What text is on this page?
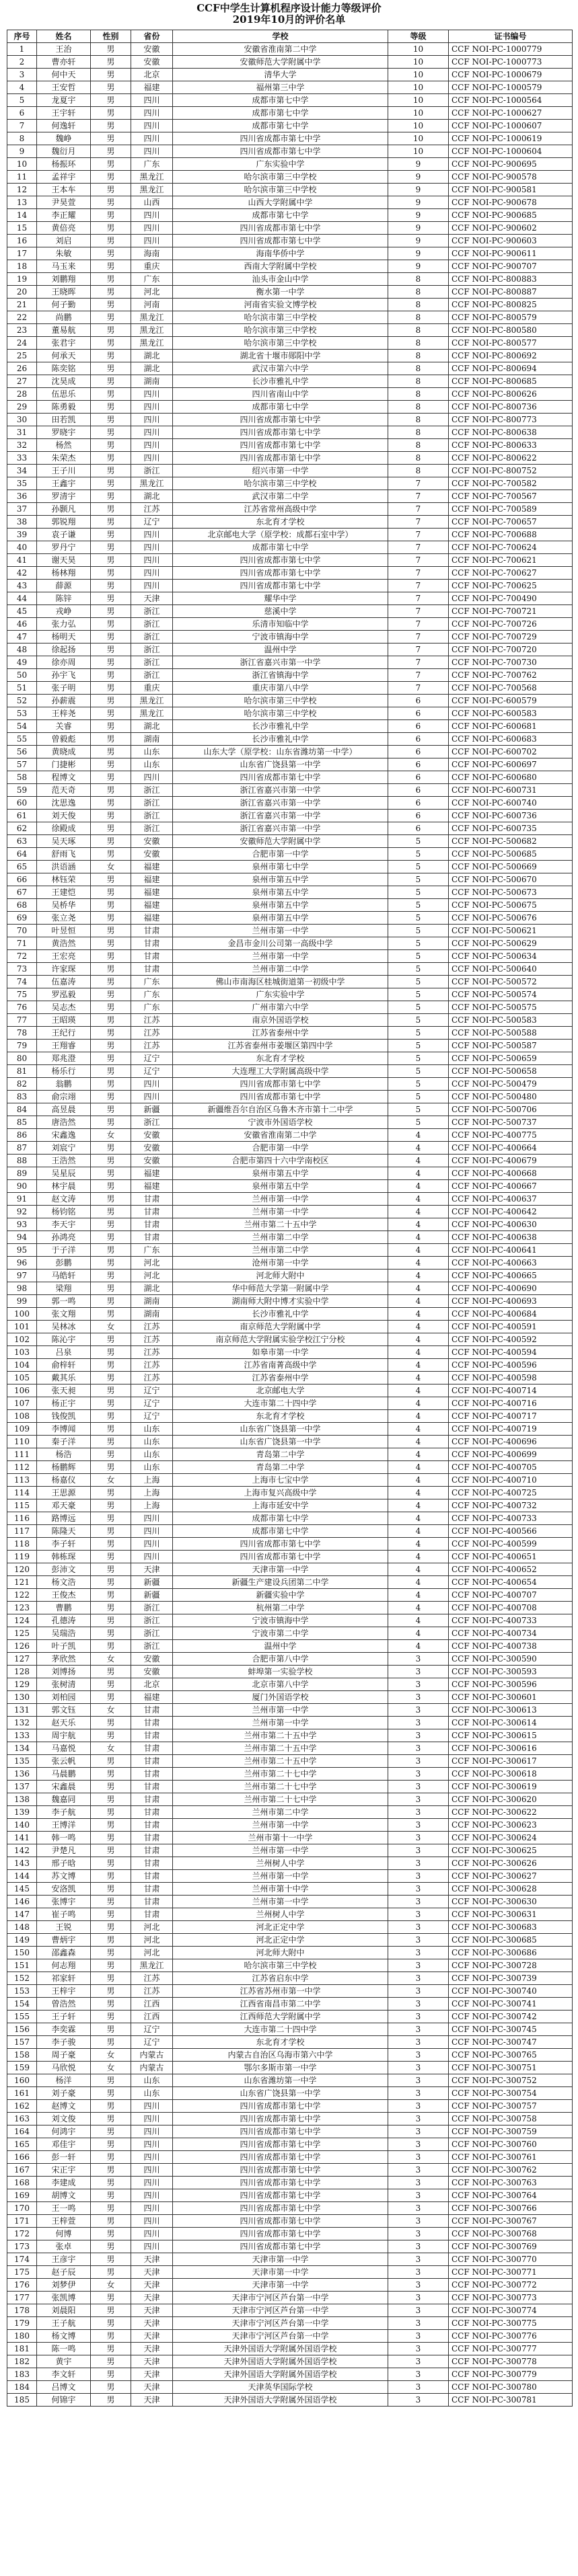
CCF中学生计算机程序设计能力等级评价
2019年10月的评价名单
序号	姓名	性别	省份	学校	等级	证书编号
1	王治	男	安徽	安徽省淮南第二中学	10	CCF NOI-PC-1000779
2	曹亦轩	男	安徽	安徽师范大学附属中学	10	CCF NOI-PC-1000773
3	何中天	男	北京	清华大学	10	CCF NOI-PC-1000679
4	王安哲	男	福建	福州第三中学	10	CCF NOI-PC-1000579
5	龙夏宇	男	四川	成都市第七中学	10	CCF NOI-PC-1000564
6	王宇轩	男	四川	成都市第七中学	10	CCF NOI-PC-1000627
7	何逸轩	男	四川	成都市第七中学	10	CCF NOI-PC-1000607
8	魏峥	男	四川	四川省成都市第七中学	10	CCF NOI-PC-1000619
9	魏衍月	男	四川	四川省成都市第七中学	10	CCF NOI-PC-1000604
10	杨振环	男	广东	广东实验中学	9	CCF NOI-PC-900695
11	孟祥宇	男	黑龙江	哈尔滨市第三中学校	9	CCF NOI-PC-900578
12	王本车	男	黑龙江	哈尔滨市第三中学校	9	CCF NOI-PC-900581
13	尹昊萱	男	山西	山西大学附属中学	9	CCF NOI-PC-900678
14	李正耀	男	四川	成都市第七中学	9	CCF NOI-PC-900685
15	黄倍亮	男	四川	四川省成都市第七中学	9	CCF NOI-PC-900602
16	刘启	男	四川	四川省成都市第七中学	9	CCF NOI-PC-900603
17	朱敏	男	海南	海南华侨中学	9	CCF NOI-PC-900611
18	马玉来	男	重庆	西南大学附属中学校	9	CCF NOI-PC-900707
19	刘鹏翔	男	广东	汕头市金山中学	8	CCF NOI-PC-800883
20	王晓晖	男	河北	衡水第一中学	8	CCF NOI-PC-800887
21	何子勤	男	河南	河南省实验文博学校	8	CCF NOI-PC-800825
22	尚鹏	男	黑龙江	哈尔滨市第三中学校	8	CCF NOI-PC-800579
23	董易航	男	黑龙江	哈尔滨市第三中学校	8	CCF NOI-PC-800580
24	张君宇	男	黑龙江	哈尔滨市第三中学校	8	CCF NOI-PC-800577
25	何承天	男	湖北	湖北省十堰市郧阳中学	8	CCF NOI-PC-800692
26	陈奕铭	男	湖北	武汉市第六中学	8	CCF NOI-PC-800694
27	沈昊成	男	湖南	长沙市雅礼中学	8	CCF NOI-PC-800685
28	伍思乐	男	四川	四川省南山中学	8	CCF NOI-PC-800626
29	陈勇毅	男	四川	成都市第七中学	8	CCF NOI-PC-800736
30	田若凯	男	四川	四川省成都市第七中学	8	CCF NOI-PC-800773
31	罗晓宇	男	四川	四川省成都市第七中学	8	CCF NOI-PC-800638
32	杨然	男	四川	四川省成都市第七中学	8	CCF NOI-PC-800633
33	朱荣杰	男	四川	四川省成都市第七中学	8	CCF NOI-PC-800622
34	王子川	男	浙江	绍兴市第一中学	8	CCF NOI-PC-800752
35	王鑫宇	男	黑龙江	哈尔滨市第三中学校	7	CCF NOI-PC-700582
36	罗清宇	男	湖北	武汉市第二中学	7	CCF NOI-PC-700567
37	孙颢凡	男	江苏	江苏省常州高级中学	7	CCF NOI-PC-700589
38	郭锐翔	男	辽宁	东北育才学校	7	CCF NOI-PC-700657
39	袁子谦	男	四川	北京邮电大学（原学校：成都石室中学）	7	CCF NOI-PC-700688
40	罗丹宁	男	四川	成都市第七中学	7	CCF NOI-PC-700624
41	谢天昊	男	四川	四川省成都市第七中学	7	CCF NOI-PC-700621
42	杨林翔	男	四川	四川省成都市第七中学	7	CCF NOI-PC-700627
43	薛源	男	四川	四川省成都市第七中学	7	CCF NOI-PC-700625
44	陈锌	男	天津	耀华中学	7	CCF NOI-PC-700490
45	戎峥	男	浙江	慈溪中学	7	CCF NOI-PC-700721
46	张力弘	男	浙江	乐清市知临中学	7	CCF NOI-PC-700726
47	杨明天	男	浙江	宁波市镇海中学	7	CCF NOI-PC-700729
48	徐起扬	男	浙江	温州中学	7	CCF NOI-PC-700720
49	徐亦周	男	浙江	浙江省嘉兴市第一中学	7	CCF NOI-PC-700730
50	孙宇飞	男	浙江	浙江省镇海中学	7	CCF NOI-PC-700762
51	张子明	男	重庆	重庆市第八中学	7	CCF NOI-PC-700568
52	孙薪震	男	黑龙江	哈尔滨市第三中学校	6	CCF NOI-PC-600579
53	王梓尧	男	黑龙江	哈尔滨市第三中学校	6	CCF NOI-PC-600583
54	关睿	男	湖北	长沙市雅礼中学	6	CCF NOI-PC-600681
55	曾毅彪	男	湖南	长沙市雅礼中学	6	CCF NOI-PC-600683
56	黄晓成	男	山东	山东大学（原学校：山东省潍坊第一中学）	6	CCF NOI-PC-600702
57	门捷彬	男	山东	山东省广饶县第一中学	6	CCF NOI-PC-600697
58	程博文	男	四川	四川省成都市第七中学	6	CCF NOI-PC-600680
59	范天奇	男	浙江	浙江省嘉兴市第一中学	6	CCF NOI-PC-600731
60	沈思逸	男	浙江	浙江省嘉兴市第一中学	6	CCF NOI-PC-600740
61	刘天俊	男	浙江	浙江省嘉兴市第一中学	6	CCF NOI-PC-600736
62	徐殿成	男	浙江	浙江省嘉兴市第一中学	6	CCF NOI-PC-600735
63	吴天琢	男	安徽	安徽师范大学附属中学	5	CCF NOI-PC-500682
64	舒雨飞	男	安徽	合肥市第一中学	5	CCF NOI-PC-500685
65	洪语涵	女	福建	泉州市第七中学	5	CCF NOI-PC-500669
66	林钰荣	男	福建	泉州市第五中学	5	CCF NOI-PC-500670
67	王建恺	男	福建	泉州市第五中学	5	CCF NOI-PC-500673
68	吴桥华	男	福建	泉州市第五中学	5	CCF NOI-PC-500675
69	张立尧	男	福建	泉州市第五中学	5	CCF NOI-PC-500676
70	叶昱恒	男	甘肃	兰州市第一中学	5	CCF NOI-PC-500621
71	黄浩然	男	甘肃	金昌市金川公司第一高级中学	5	CCF NOI-PC-500629
72	王宏亮	男	甘肃	兰州市第一中学	5	CCF NOI-PC-500634
73	许家琛	男	甘肃	兰州市第二中学	5	CCF NOI-PC-500640
74	伍嘉涛	男	广东	佛山市南海区桂城街道第一初级中学	5	CCF NOI-PC-500572
75	罗泓毅	男	广东	广东实验中学	5	CCF NOI-PC-500574
76	吴志杰	男	广东	广州市第六中学	5	CCF NOI-PC-500575
77	王昭瑛	男	江苏	南京外国语学校	5	CCF NOI-PC-500583
78	王纪行	男	江苏	江苏省泰州中学	5	CCF NOI-PC-500588
79	王翔睿	男	江苏	江苏省泰州市姜堰区第四中学	5	CCF NOI-PC-500587
80	郑兆澄	男	辽宁	东北育才学校	5	CCF NOI-PC-500659
81	杨乐行	男	辽宁	大连理工大学附属高级中学	5	CCF NOI-PC-500658
82	翁鹏	男	四川	四川省成都市第七中学	5	CCF NOI-PC-500479
83	俞宗翊	男	四川	四川省成都市第七中学	5	CCF NOI-PC-500480
84	高昱晨	男	新疆	新疆维吾尔自治区乌鲁木齐市第十二中学	5	CCF NOI-PC-500706
85	唐浩然	男	浙江	宁波市外国语学校	5	CCF NOI-PC-500737
86	宋鑫逸	女	安徽	安徽省淮南第二中学	4	CCF NOI-PC-400775
87	刘宸宁	男	安徽	合肥市第一中学	4	CCF NOI-PC-400664
88	王浩然	男	安徽	合肥市第四十六中学南校区	4	CCF NOI-PC-400679
89	吴星辰	男	福建	泉州市第五中学	4	CCF NOI-PC-400668
90	林宇晨	男	福建	泉州市第五中学	4	CCF NOI-PC-400667
91	赵文涛	男	甘肃	兰州市第一中学	4	CCF NOI-PC-400637
92	杨钧铭	男	甘肃	兰州市第一中学	4	CCF NOI-PC-400642
93	李天宇	男	甘肃	兰州市第二十五中学	4	CCF NOI-PC-400630
94	孙鸿亮	男	甘肃	兰州市第二中学	4	CCF NOI-PC-400638
95	于子洋	男	广东	兰州市第二中学	4	CCF NOI-PC-400641
96	彭鹏	男	河北	沧州市第一中学	4	CCF NOI-PC-400663
97	马皓轩	男	河北	河北师大附中	4	CCF NOI-PC-400665
98	梁翔	男	湖北	华中师范大学第一附属中学	4	CCF NOI-PC-400690
99	郭一鸣	男	湖南	湖南师大附中博才实验中学	4	CCF NOI-PC-400693
100	张文翔	男	湖南	长沙市雅礼中学	4	CCF NOI-PC-400684
101	吴林冰	女	江苏	南京师范大学附属中学	4	CCF NOI-PC-400591
102	陈沁宇	男	江苏	南京师范大学附属实验学校江宁分校	4	CCF NOI-PC-400592
103	吕泉	男	江苏	如皋市第一中学	4	CCF NOI-PC-400594
104	俞梓轩	男	江苏	江苏省南菁高级中学	4	CCF NOI-PC-400596
105	戴其乐	男	江苏	江苏省泰州中学	4	CCF NOI-PC-400598
106	张天昶	男	辽宁	北京邮电大学	4	CCF NOI-PC-400714
107	杨正宇	男	辽宁	大连市第二十四中学	4	CCF NOI-PC-400716
108	钱俊凯	男	辽宁	东北育才学校	4	CCF NOI-PC-400717
109	李博闻	男	山东	山东省广饶县第一中学	4	CCF NOI-PC-400719
110	秦子洋	男	山东	山东省广饶县第一中学	4	CCF NOI-PC-400696
111	杨浩	男	山东	青岛第二中学	4	CCF NOI-PC-400699
112	杨鹏辉	男	山东	青岛第二中学	4	CCF NOI-PC-400705
113	杨嘉仪	女	上海	上海市七宝中学	4	CCF NOI-PC-400710
114	王思源	男	上海	上海市复兴高级中学	4	CCF NOI-PC-400725
115	邓天豪	男	上海	上海市延安中学	4	CCF NOI-PC-400732
116	路博远	男	四川	成都市第七中学	4	CCF NOI-PC-400733
117	陈隆天	男	四川	成都市第七中学	4	CCF NOI-PC-400566
118	李子轩	男	四川	四川省成都市第七中学	4	CCF NOI-PC-400599
119	韩栋琛	男	四川	四川省成都市第七中学	4	CCF NOI-PC-400651
120	彭沛文	男	天津	天津市第一中学	4	CCF NOI-PC-400652
121	杨文浩	男	新疆	新疆生产建设兵团第二中学	4	CCF NOI-PC-400654
122	王俊杰	男	新疆	新疆实验中学	4	CCF NOI-PC-400707
123	曹鹏	男	浙江	杭州第二中学	4	CCF NOI-PC-400708
124	孔德涛	男	浙江	宁波市镇海中学	4	CCF NOI-PC-400733
125	吴瑞浩	男	浙江	宁波市第二中学	4	CCF NOI-PC-400734
126	叶子凯	男	浙江	温州中学	4	CCF NOI-PC-400738
127	茅欣然	女	安徽	合肥市第八中学	3	CCF NOI-PC-300590
128	刘博扬	男	安徽	蚌埠第一实验学校	3	CCF NOI-PC-300593
129	张树清	男	北京	北京市第八中学	3	CCF NOI-PC-300596
130	刘柏园	男	福建	厦门外国语学校	3	CCF NOI-PC-300601
131	郭文钰	女	甘肃	兰州市第一中学	3	CCF NOI-PC-300613
132	赵天乐	男	甘肃	兰州市第一中学	3	CCF NOI-PC-300614
133	周宇航	男	甘肃	兰州市第二十五中学	3	CCF NOI-PC-300615
134	马嘉悦	女	甘肃	兰州市第二十五中学	3	CCF NOI-PC-300616
135	张云帆	男	甘肃	兰州市第二十五中学	3	CCF NOI-PC-300617
136	马晨鹏	男	甘肃	兰州市第二十七中学	3	CCF NOI-PC-300618
137	宋鑫晨	男	甘肃	兰州市第二十七中学	3	CCF NOI-PC-300619
138	魏嘉同	男	甘肃	兰州市第二十七中学	3	CCF NOI-PC-300620
139	李子航	男	甘肃	兰州市第二中学	3	CCF NOI-PC-300622
140	王博洋	男	甘肃	兰州市第一中学	3	CCF NOI-PC-300623
141	韩一鸣	男	甘肃	兰州市第十一中学	3	CCF NOI-PC-300624
142	尹楚凡	男	甘肃	兰州市第一中学	3	CCF NOI-PC-300625
143	邢子晗	男	甘肃	兰州树人中学	3	CCF NOI-PC-300626
144	苏文博	男	甘肃	兰州市第一中学	3	CCF NOI-PC-300627
145	安洛凯	男	甘肃	兰州市第十中学	3	CCF NOI-PC-300628
146	张博宇	男	甘肃	兰州市第一中学	3	CCF NOI-PC-300630
147	崔子鸣	男	甘肃	兰州树人中学	3	CCF NOI-PC-300631
148	王锐	男	河北	河北正定中学	3	CCF NOI-PC-300683
149	曹炳宇	男	河北	河北正定中学	3	CCF NOI-PC-300685
150	邵鑫森	男	河北	河北师大附中	3	CCF NOI-PC-300686
151	何志翔	男	黑龙江	哈尔滨市第三中学校	3	CCF NOI-PC-300728
152	祁家轩	男	江苏	江苏省启东中学	3	CCF NOI-PC-300739
153	王梓宇	男	江苏	江苏省苏州市第一中学	3	CCF NOI-PC-300740
154	曾浩然	男	江西	江西省南昌市第二中学	3	CCF NOI-PC-300741
155	王子轩	男	江西	江西师范大学附属中学	3	CCF NOI-PC-300742
156	李奕霖	男	辽宁	大连市第二十四中学	3	CCF NOI-PC-300745
157	李子骏	男	辽宁	东北育才学校	3	CCF NOI-PC-300747
158	周子豪	女	内蒙古	内蒙古自治区乌海市第六中学	3	CCF NOI-PC-300765
159	马欣悦	女	内蒙古	鄂尔多斯市第一中学	3	CCF NOI-PC-300751
160	杨洋	男	山东	山东省潍坊第一中学	3	CCF NOI-PC-300752
161	刘子豪	男	山东	山东省广饶县第一中学	3	CCF NOI-PC-300754
162	赵博文	男	四川	四川省成都市第七中学	3	CCF NOI-PC-300757
163	刘文俊	男	四川	四川省成都市第七中学	3	CCF NOI-PC-300758
164	何鸿宇	男	四川	四川省成都市第七中学	3	CCF NOI-PC-300759
165	邓佳宇	男	四川	四川省成都市第七中学	3	CCF NOI-PC-300760
166	彭一轩	男	四川	四川省成都市第七中学	3	CCF NOI-PC-300761
167	宋正宇	男	四川	四川省成都市第七中学	3	CCF NOI-PC-300762
168	李建成	男	四川	四川省成都市第七中学	3	CCF NOI-PC-300763
169	胡博文	男	四川	四川省成都市第七中学	3	CCF NOI-PC-300764
170	王一鸣	男	四川	四川省成都市第七中学	3	CCF NOI-PC-300766
171	王梓萱	男	四川	四川省成都市第七中学	3	CCF NOI-PC-300767
172	何博	男	四川	四川省成都市第七中学	3	CCF NOI-PC-300768
173	张卓	男	四川	四川省成都市第七中学	3	CCF NOI-PC-300769
174	王彦宇	男	天津	天津市第一中学	3	CCF NOI-PC-300770
175	赵子辰	男	天津	天津市第一中学	3	CCF NOI-PC-300771
176	刘梦伊	女	天津	天津市第一中学	3	CCF NOI-PC-300772
177	张凯博	男	天津	天津市宁河区芦台第一中学	3	CCF NOI-PC-300773
178	刘晨阳	男	天津	天津市宁河区芦台第一中学	3	CCF NOI-PC-300774
179	王子航	男	天津	天津市宁河区芦台第一中学	3	CCF NOI-PC-300775
180	杨文博	男	天津	天津市宁河区芦台第一中学	3	CCF NOI-PC-300776
181	陈一鸣	男	天津	天津外国语大学附属外国语学校	3	CCF NOI-PC-300777
182	黄宇	男	天津	天津外国语大学附属外国语学校	3	CCF NOI-PC-300778
183	李文轩	男	天津	天津外国语大学附属外国语学校	3	CCF NOI-PC-300779
184	吕博文	男	天津	天津英华国际学校	3	CCF NOI-PC-300780
185	何锦宇	男	天津	天津外国语大学附属外国语学校	3	CCF NOI-PC-300781
